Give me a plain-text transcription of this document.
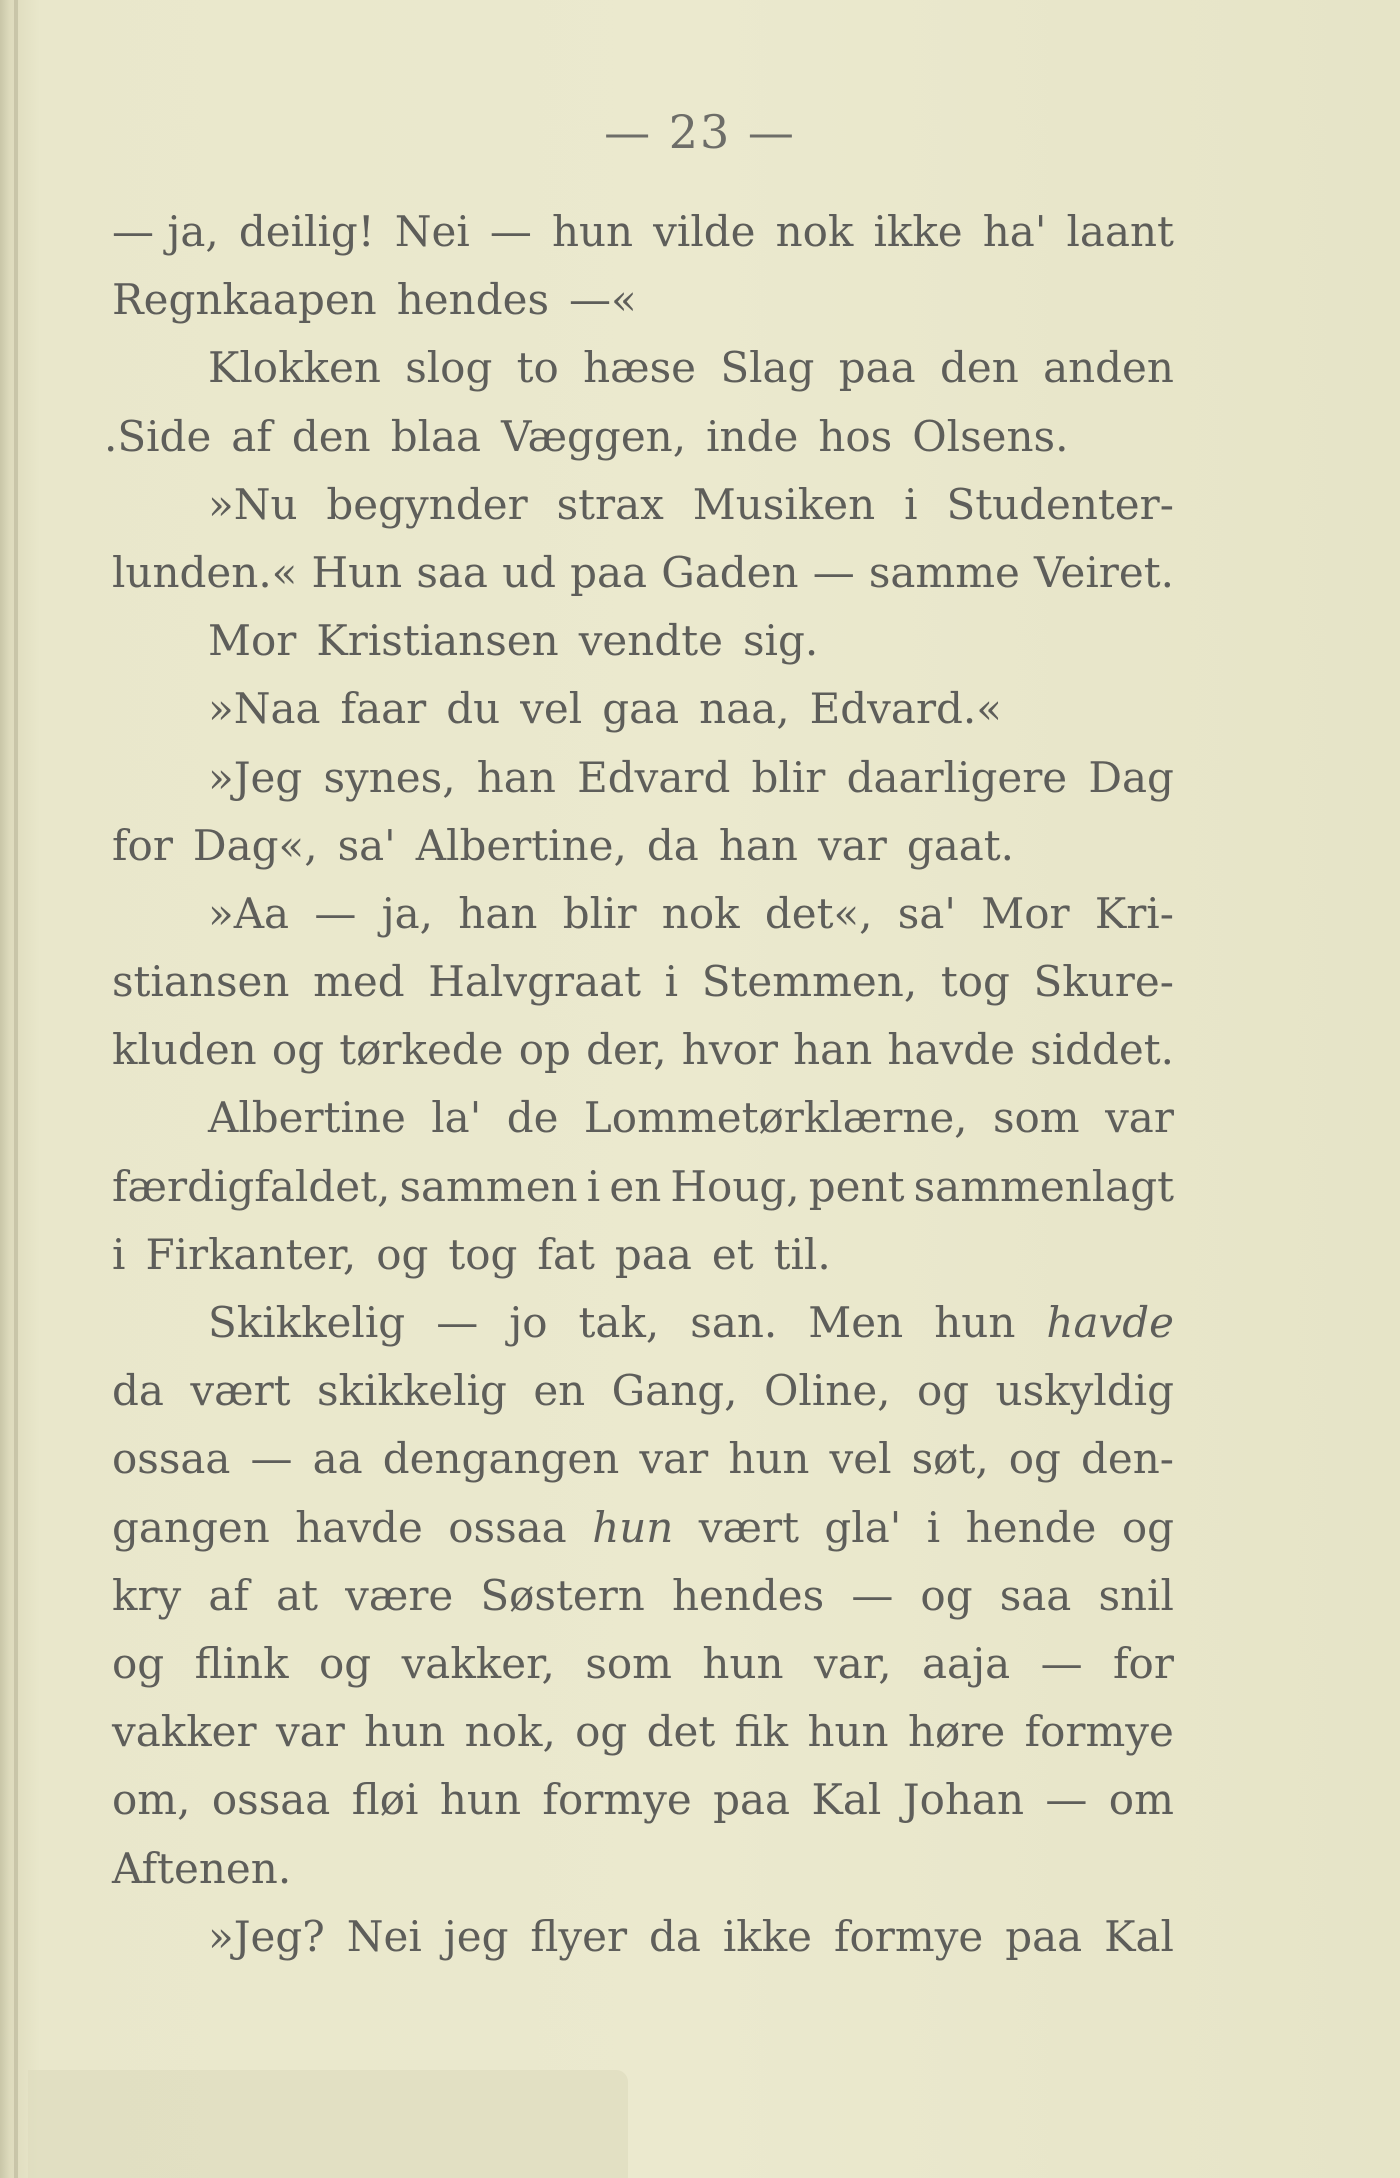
— 23 —
— ja, deilig! Nei — hun vilde nok ikke ha' laant
Regnkaapen hendes —«
Klokken slog to hæse Slag paa den anden
.Side af den blaa Væggen, inde hos Olsens.
»Nu begynder strax Musiken i Studenter-
lunden.« Hun saa ud paa Gaden — samme Veiret.
Mor Kristiansen vendte sig.
»Naa faar du vel gaa naa, Edvard.«
»Jeg synes, han Edvard blir daarligere Dag
for Dag«, sa' Albertine, da han var gaat.
»Aa — ja, han blir nok det«, sa' Mor Kri-
stiansen med Halvgraat i Stemmen, tog Skure-
kluden og tørkede op der, hvor han havde siddet.
Albertine la' de Lommetørklærne, som var
færdigfaldet, sammen i en Houg, pent sammenlagt
i Firkanter, og tog fat paa et til.
Skikkelig — jo tak, san. Men hun havde
da vært skikkelig en Gang, Oline, og uskyldig
ossaa — aa dengangen var hun vel søt, og den-
gangen havde ossaa hun vært gla' i hende og
kry af at være Søstern hendes — og saa snil
og flink og vakker, som hun var, aaja — for
vakker var hun nok, og det fik hun høre formye
om, ossaa fløi hun formye paa Kal Johan — om
Aftenen.
»Jeg? Nei jeg flyer da ikke formye paa Kal
